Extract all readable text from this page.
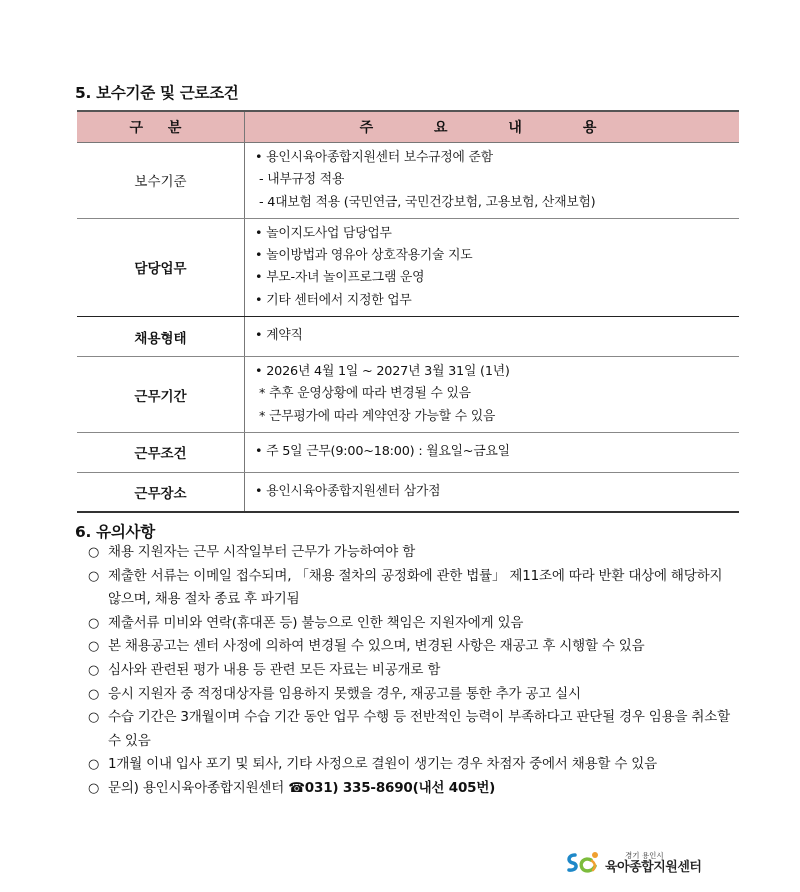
5. 보수기준 및 근로조건
구 분	주 요 내 용
보수기준	• 용인시육아종합지원센터 보수규정에 준함
- 내부규정 적용
- 4대보험 적용 (국민연금, 국민건강보험, 고용보험, 산재보험)

담당업무	• 놀이지도사업 담당업무
• 놀이방법과 영유아 상호작용기술 지도
• 부모-자녀 놀이프로그램 운영
• 기타 센터에서 지정한 업무

채용형태	• 계약직

근무기간	• 2026년 4월 1일 ~ 2027년 3월 31일 (1년)
* 추후 운영상황에 따라 변경될 수 있음
* 근무평가에 따라 계약연장 가능할 수 있음

근무조건	• 주 5일 근무(9:00~18:00) : 월요일~금요일

근무장소	• 용인시육아종합지원센터 삼가점
6. 유의사항
○ 채용 지원자는 근무 시작일부터 근무가 가능하여야 함
○ 제출한 서류는 이메일 접수되며, 「채용 절차의 공정화에 관한 법률」 제11조에 따라 반환 대상에 해당하지 않으며, 채용 절차 종료 후 파기됨
○ 제출서류 미비와 연락(휴대폰 등) 불능으로 인한 책임은 지원자에게 있음
○ 본 채용공고는 센터 사정에 의하여 변경될 수 있으며, 변경된 사항은 재공고 후 시행할 수 있음
○ 심사와 관련된 평가 내용 등 관련 모든 자료는 비공개로 함
○ 응시 지원자 중 적정대상자를 임용하지 못했을 경우, 재공고를 통한 추가 공고 실시
○ 수습 기간은 3개월이며 수습 기간 동안 업무 수행 등 전반적인 능력이 부족하다고 판단될 경우 임용을 취소할 수 있음
○ 1개월 이내 입사 포기 및 퇴사, 기타 사정으로 결원이 생기는 경우 차점자 중에서 채용할 수 있음
○ 문의) 용인시육아종합지원센터 ☎031) 335-8690(내선 405번)
경기 용인시
육아종합지원센터
